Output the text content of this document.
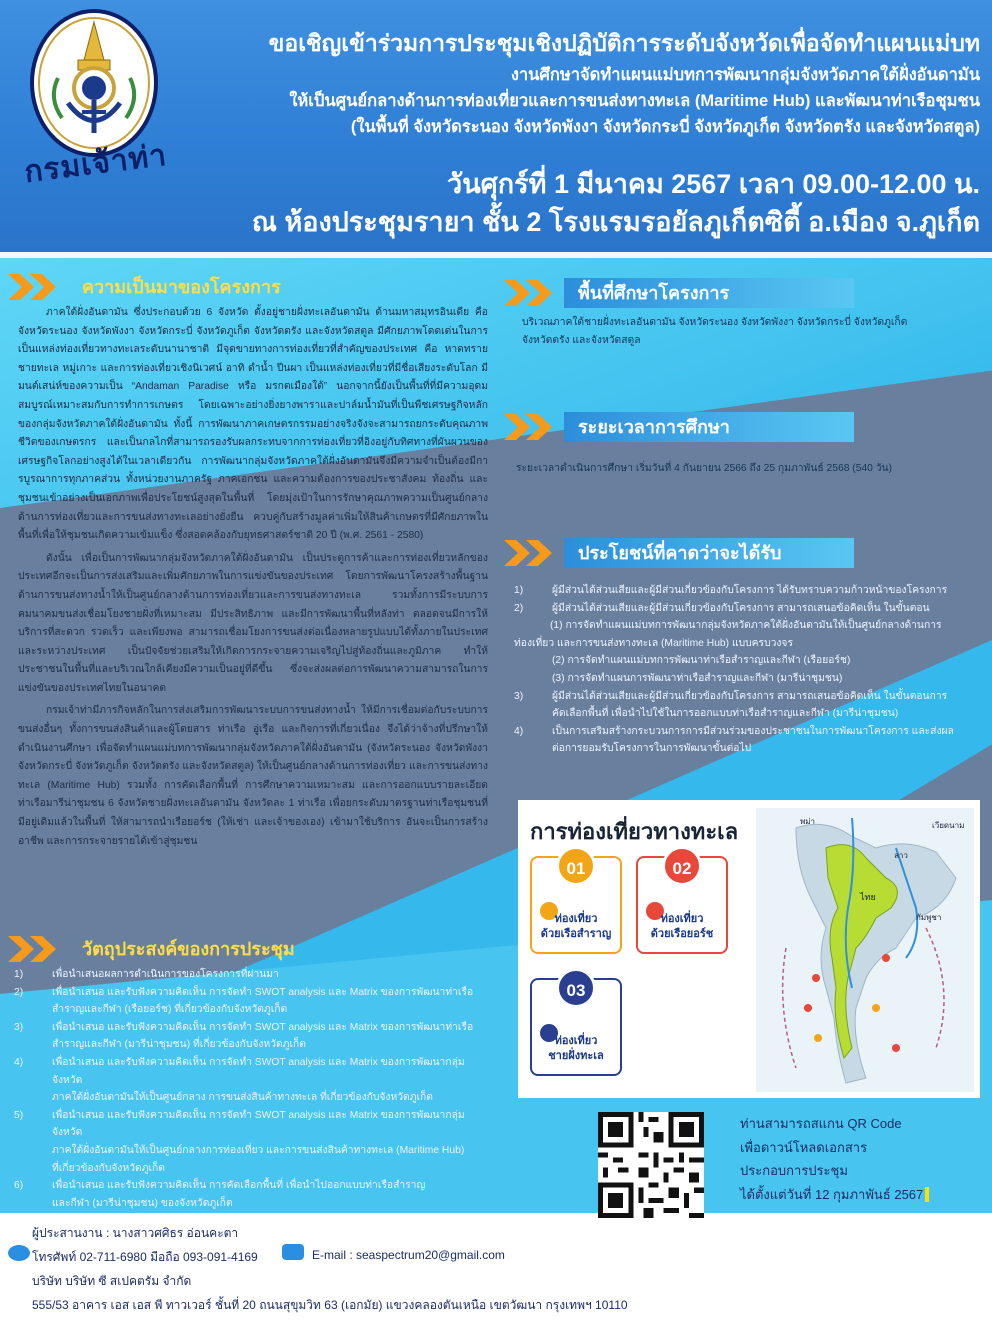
กรมเจ้าท่า
ขอเชิญเข้าร่วมการประชุมเชิงปฏิบัติการระดับจังหวัดเพื่อจัดทำแผนแม่บท
งานศึกษาจัดทำแผนแม่บทการพัฒนากลุ่มจังหวัดภาคใต้ฝั่งอันดามัน
ให้เป็นศูนย์กลางด้านการท่องเที่ยวและการขนส่งทางทะเล (Maritime Hub) และพัฒนาท่าเรือชุมชน
(ในพื้นที่ จังหวัดระนอง จังหวัดพังงา จังหวัดกระบี่ จังหวัดภูเก็ต จังหวัดตรัง และจังหวัดสตูล)
วันศุกร์ที่ 1 มีนาคม 2567 เวลา 09.00-12.00 น.
ณ ห้องประชุมรายา ชั้น 2 โรงแรมรอยัลภูเก็ตซิตี้ อ.เมือง จ.ภูเก็ต
ความเป็นมาของโครงการ

ภาคใต้ฝั่งอันดามัน ซึ่งประกอบด้วย 6 จังหวัด ตั้งอยู่ชายฝั่งทะเลอันดามัน ด้านมหาสมุทรอินเดีย คือ จังหวัดระนอง จังหวัดพังงา จังหวัดกระบี่ จังหวัดภูเก็ต จังหวัดตรัง และจังหวัดสตูล มีศักยภาพโดดเด่นในการเป็นแหล่งท่องเที่ยวทางทะเลระดับนานาชาติ มีจุดขายทางการท่องเที่ยวที่สำคัญของประเทศ คือ หาดทราย ชายทะเล หมู่เกาะ และการท่องเที่ยวเชิงนิเวศน์ อาทิ ดำน้ำ ปีนผา เป็นแหล่งท่องเที่ยวที่มีชื่อเสียงระดับโลก มีมนต์เสน่ห์ของความเป็น “Andaman Paradise หรือ มรกตเมืองใต้” นอกจากนี้ยังเป็นพื้นที่ที่มีความอุดมสมบูรณ์เหมาะสมกับการทำการเกษตร โดยเฉพาะอย่างยิ่งยางพาราและปาล์มน้ำมันที่เป็นพืชเศรษฐกิจหลักของกลุ่มจังหวัดภาคใต้ฝั่งอันดามัน ทั้งนี้ การพัฒนาภาคเกษตรกรรมอย่างจริงจังจะสามารถยกระดับคุณภาพชีวิตของเกษตรกร และเป็นกลไกที่สามารถรองรับผลกระทบจากการท่องเที่ยวที่อิงอยู่กับทิศทางที่ผันผวนของเศรษฐกิจโลกอย่างสูงได้ในเวลาเดียวกัน การพัฒนากลุ่มจังหวัดภาคใต้ฝั่งอันดามันจึงมีความจำเป็นต้องมีการบูรณาการทุกภาคส่วน ทั้งหน่วยงานภาครัฐ ภาคเอกชน และความต้องการของประชาสังคม ท้องถิ่น และชุมชนเข้าอย่างเป็นเอกภาพเพื่อประโยชน์สูงสุดในพื้นที่ โดยมุ่งเป้าในการรักษาคุณภาพความเป็นศูนย์กลางด้านการท่องเที่ยวและการขนส่งทางทะเลอย่างยั่งยืน ควบคู่กับสร้างมูลค่าเพิ่มให้สินค้าเกษตรที่มีศักยภาพในพื้นที่เพื่อให้ชุมชนเกิดความเข้มแข็ง ซึ่งสอดคล้องกับยุทธศาสตร์ชาติ 20 ปี (พ.ศ. 2561 - 2580)

ดังนั้น เพื่อเป็นการพัฒนากลุ่มจังหวัดภาคใต้ฝั่งอันดามัน เป็นประตูการค้าและการท่องเที่ยวหลักของประเทศอีกจะเป็นการส่งเสริมและเพิ่มศักยภาพในการแข่งขันของประเทศ โดยการพัฒนาโครงสร้างพื้นฐานด้านการขนส่งทางน้ำให้เป็นศูนย์กลางด้านการท่องเที่ยวและการขนส่งทางทะเล รวมทั้งการมีระบบการคมนาคมขนส่งเชื่อมโยงชายฝั่งที่เหมาะสม มีประสิทธิภาพ และมีการพัฒนาพื้นที่หลังท่า ตลอดจนมีการให้บริการที่สะดวก รวดเร็ว และเพียงพอ สามารถเชื่อมโยงการขนส่งต่อเนื่องหลายรูปแบบได้ทั้งภายในประเทศและระหว่างประเทศ เป็นปัจจัยช่วยเสริมให้เกิดการกระจายความเจริญไปสู่ท้องถิ่นและภูมิภาค ทำให้ประชาชนในพื้นที่และบริเวณใกล้เคียงมีความเป็นอยู่ที่ดีขึ้น ซึ่งจะส่งผลต่อการพัฒนาความสามารถในการแข่งขันของประเทศไทยในอนาคต

กรมเจ้าท่ามีภารกิจหลักในการส่งเสริมการพัฒนาระบบการขนส่งทางน้ำ ให้มีการเชื่อมต่อกับระบบการขนส่งอื่นๆ ทั้งการขนส่งสินค้าและผู้โดยสาร ท่าเรือ อู่เรือ และกิจการที่เกี่ยวเนื่อง จึงได้ว่าจ้างที่ปรึกษาให้ดำเนินงานศึกษา เพื่อจัดทำแผนแม่บทการพัฒนากลุ่มจังหวัดภาคใต้ฝั่งอันดามัน (จังหวัดระนอง จังหวัดพังงา จังหวัดกระบี่ จังหวัดภูเก็ต จังหวัดตรัง และจังหวัดสตูล) ให้เป็นศูนย์กลางด้านการท่องเที่ยว และการขนส่งทางทะเล (Maritime Hub) รวมทั้ง การคัดเลือกพื้นที่ การศึกษาความเหมาะสม และการออกแบบรายละเอียด ท่าเรือมารีน่าชุมชน 6 จังหวัดชายฝั่งทะเลอันดามัน จังหวัดละ 1 ท่าเรือ เพื่อยกระดับมาตรฐานท่าเรือชุมชนที่มีอยู่เดิมแล้วในพื้นที่ ให้สามารถนำเรือยอร์ช (ให้เช่า และเจ้าของเอง) เข้ามาใช้บริการ อันจะเป็นการสร้างอาชีพ และการกระจายรายได้เข้าสู่ชุมชน

วัตถุประสงค์ของการประชุม
1)	เพื่อนำเสนอผลการดำเนินการของโครงการที่ผ่านมา
2)	เพื่อนำเสนอ และรับฟังความคิดเห็น การจัดทำ SWOT analysis และ Matrix ของการพัฒนาท่าเรือ
สำราญและกีฬา (เรือยอร์ช) ที่เกี่ยวข้องกับจังหวัดภูเก็ต
3)	เพื่อนำเสนอ และรับฟังความคิดเห็น การจัดทำ SWOT analysis และ Matrix ของการพัฒนาท่าเรือ
สำราญและกีฬา (มารีน่าชุมชน) ที่เกี่ยวข้องกับจังหวัดภูเก็ต
4)	เพื่อนำเสนอ และรับฟังความคิดเห็น การจัดทำ SWOT analysis และ Matrix ของการพัฒนากลุ่มจังหวัด
ภาคใต้ฝั่งอันดามันให้เป็นศูนย์กลาง การขนส่งสินค้าทางทะเล ที่เกี่ยวข้องกับจังหวัดภูเก็ต
5)	เพื่อนำเสนอ และรับฟังความคิดเห็น การจัดทำ SWOT analysis และ Matrix ของการพัฒนากลุ่มจังหวัด
ภาคใต้ฝั่งอันดามันให้เป็นศูนย์กลางการท่องเที่ยว และการขนส่งสินค้าทางทะเล (Maritime Hub)
ที่เกี่ยวข้องกับจังหวัดภูเก็ต
6)	เพื่อนำเสนอ และรับฟังความคิดเห็น การคัดเลือกพื้นที่ เพื่อนำไปออกแบบท่าเรือสำราญ
และกีฬา (มารีน่าชุมชน) ของจังหวัดภูเก็ต
พื้นที่ศึกษาโครงการ
บริเวณภาคใต้ชายฝั่งทะเลอันดามัน จังหวัดระนอง จังหวัดพังงา จังหวัดกระบี่ จังหวัดภูเก็ต
จังหวัดตรัง และจังหวัดสตูล
ระยะเวลาการศึกษา
ระยะเวลาดำเนินการศึกษา เริ่มวันที่ 4 กันยายน 2566 ถึง 25 กุมภาพันธ์ 2568 (540 วัน)
ประโยชน์ที่คาดว่าจะได้รับ
1)	ผู้มีส่วนได้ส่วนเสียและผู้มีส่วนเกี่ยวข้องกับโครงการ ได้รับทราบความก้าวหน้าของโครงการ
2)	ผู้มีส่วนได้ส่วนเสียและผู้มีส่วนเกี่ยวข้องกับโครงการ สามารถเสนอข้อคิดเห็น ในขั้นตอน
(1) การจัดทำแผนแม่บทการพัฒนากลุ่มจังหวัดภาคใต้ฝั่งอันดามันให้เป็นศูนย์กลางด้านการ
ท่องเที่ยว และการขนส่งทางทะเล (Maritime Hub) แบบครบวงจร
(2) การจัดทำแผนแม่บทการพัฒนาท่าเรือสำราญและกีฬา (เรือยอร์ช)
(3) การจัดทำแผนการพัฒนาท่าเรือสำราญและกีฬา (มารีน่าชุมชน)
3)	ผู้มีส่วนได้ส่วนเสียและผู้มีส่วนเกี่ยวข้องกับโครงการ สามารถเสนอข้อคิดเห็น ในขั้นตอนการ
คัดเลือกพื้นที่ เพื่อนำไปใช้ในการออกแบบท่าเรือสำราญและกีฬา (มารีน่าชุมชน)
4)	เป็นการเสริมสร้างกระบวนการการมีส่วนร่วมของประชาชนในการพัฒนาโครงการ และส่งผล
ต่อการยอมรับโครงการในการพัฒนาขั้นต่อไป
การท่องเที่ยวทางทะเล
01
ท่องเที่ยว
ด้วยเรือสำราญ
02
ท่องเที่ยว
ด้วยเรือยอร์ช
03
ท่องเที่ยว
ชายฝั่งทะเล
ไทย
ลาว
พม่า
กัมพูชา
เวียดนาม
ท่านสามารถสแกน QR Code
เพื่อดาวน์โหลดเอกสาร
ประกอบการประชุม
ได้ตั้งแต่วันที่ 12 กุมภาพันธ์ 2567
ผู้ประสานงาน : นางสาวศศิธร อ่อนคะตา
โทรศัพท์ 02-711-6980 มือถือ 093-091-4169	E-mail : seaspectrum20@gmail.com
บริษัท บริษัท ซี สเปคตรัม จำกัด
555/53 อาคาร เอส เอส พี ทาวเวอร์ ชั้นที่ 20 ถนนสุขุมวิท 63 (เอกมัย) แขวงคลองตันเหนือ เขตวัฒนา กรุงเทพฯ 10110
